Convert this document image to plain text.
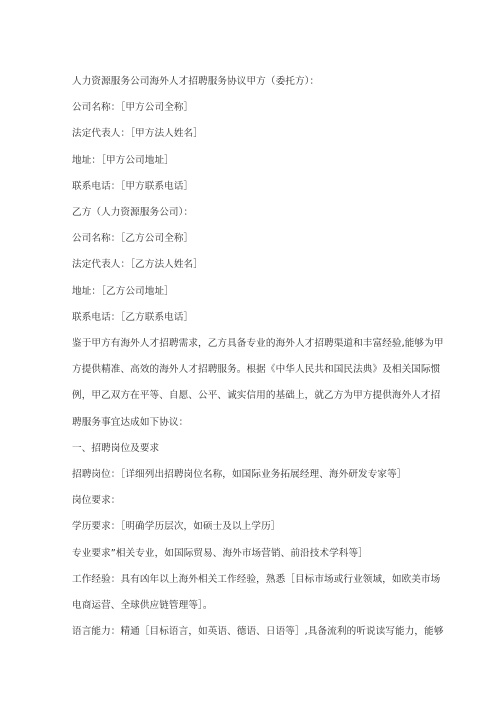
人力资源服务公司海外人才招聘服务协议甲方（委托方）：
公司名称：［甲方公司全称］
法定代表人：［甲方法人姓名］
地址：［甲方公司地址］
联系电话：［甲方联系电话］
乙方（人力资源服务公司）：
公司名称：［乙方公司全称］
法定代表人：［乙方法人姓名］
地址：［乙方公司地址］
联系电话：［乙方联系电话］
鉴于甲方有海外人才招聘需求，乙方具备专业的海外人才招聘渠道和丰富经验,能够为甲
方提供精准、高效的海外人才招聘服务。根据《中华人民共和国民法典》及相关国际惯
例，甲乙双方在平等、自愿、公平、诚实信用的基础上，就乙方为甲方提供海外人才招
聘服务事宜达成如下协议：
一、招聘岗位及要求
招聘岗位：［详细列出招聘岗位名称，如国际业务拓展经理、海外研发专家等］
岗位要求：
学历要求：［明确学历层次，如硕士及以上学历］
专业要求”相关专业，如国际贸易、海外市场营销、前沿技术学科等］
工作经验：具有凶年以上海外相关工作经验，熟悉［目标市场或行业领域，如欧美市场
电商运营、全球供应链管理等］。
语言能力：精通［目标语言，如英语、德语、日语等］,具备流利的听说读写能力，能够
